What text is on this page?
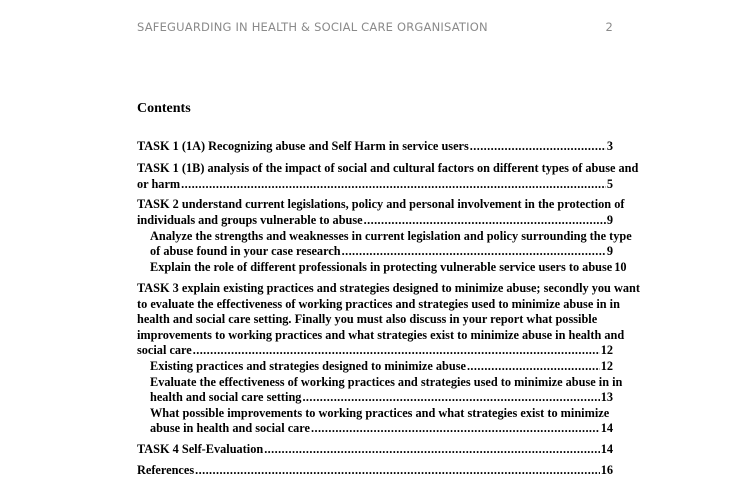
SAFEGUARDING IN HEALTH & SOCIAL CARE ORGANISATION	2
Contents
TASK 1 (1A) Recognizing abuse and Self Harm in service users .....	3
TASK 1 (1B) analysis of the impact of social and cultural factors on different types of abuse and
or harm .....	5
TASK 2 understand current legislations, policy and personal involvement in the protection of
individuals and groups vulnerable to abuse .....	9
Analyze the strengths and weaknesses in current legislation and policy surrounding the type
of abuse found in your case research .....	9
Explain the role of different professionals in protecting vulnerable service users to abuse 10
TASK 3 explain existing practices and strategies designed to minimize abuse; secondly you want
to evaluate the effectiveness of working practices and strategies used to minimize abuse in in
health and social care setting. Finally you must also discuss in your report what possible
improvements to working practices and what strategies exist to minimize abuse in health and
social care .....	12
Existing practices and strategies designed to minimize abuse .....	12
Evaluate the effectiveness of working practices and strategies used to minimize abuse in in
health and social care setting .....	13
What possible improvements to working practices and what strategies exist to minimize
abuse in health and social care .....	14
TASK 4 Self-Evaluation .....	14
References .....	16
